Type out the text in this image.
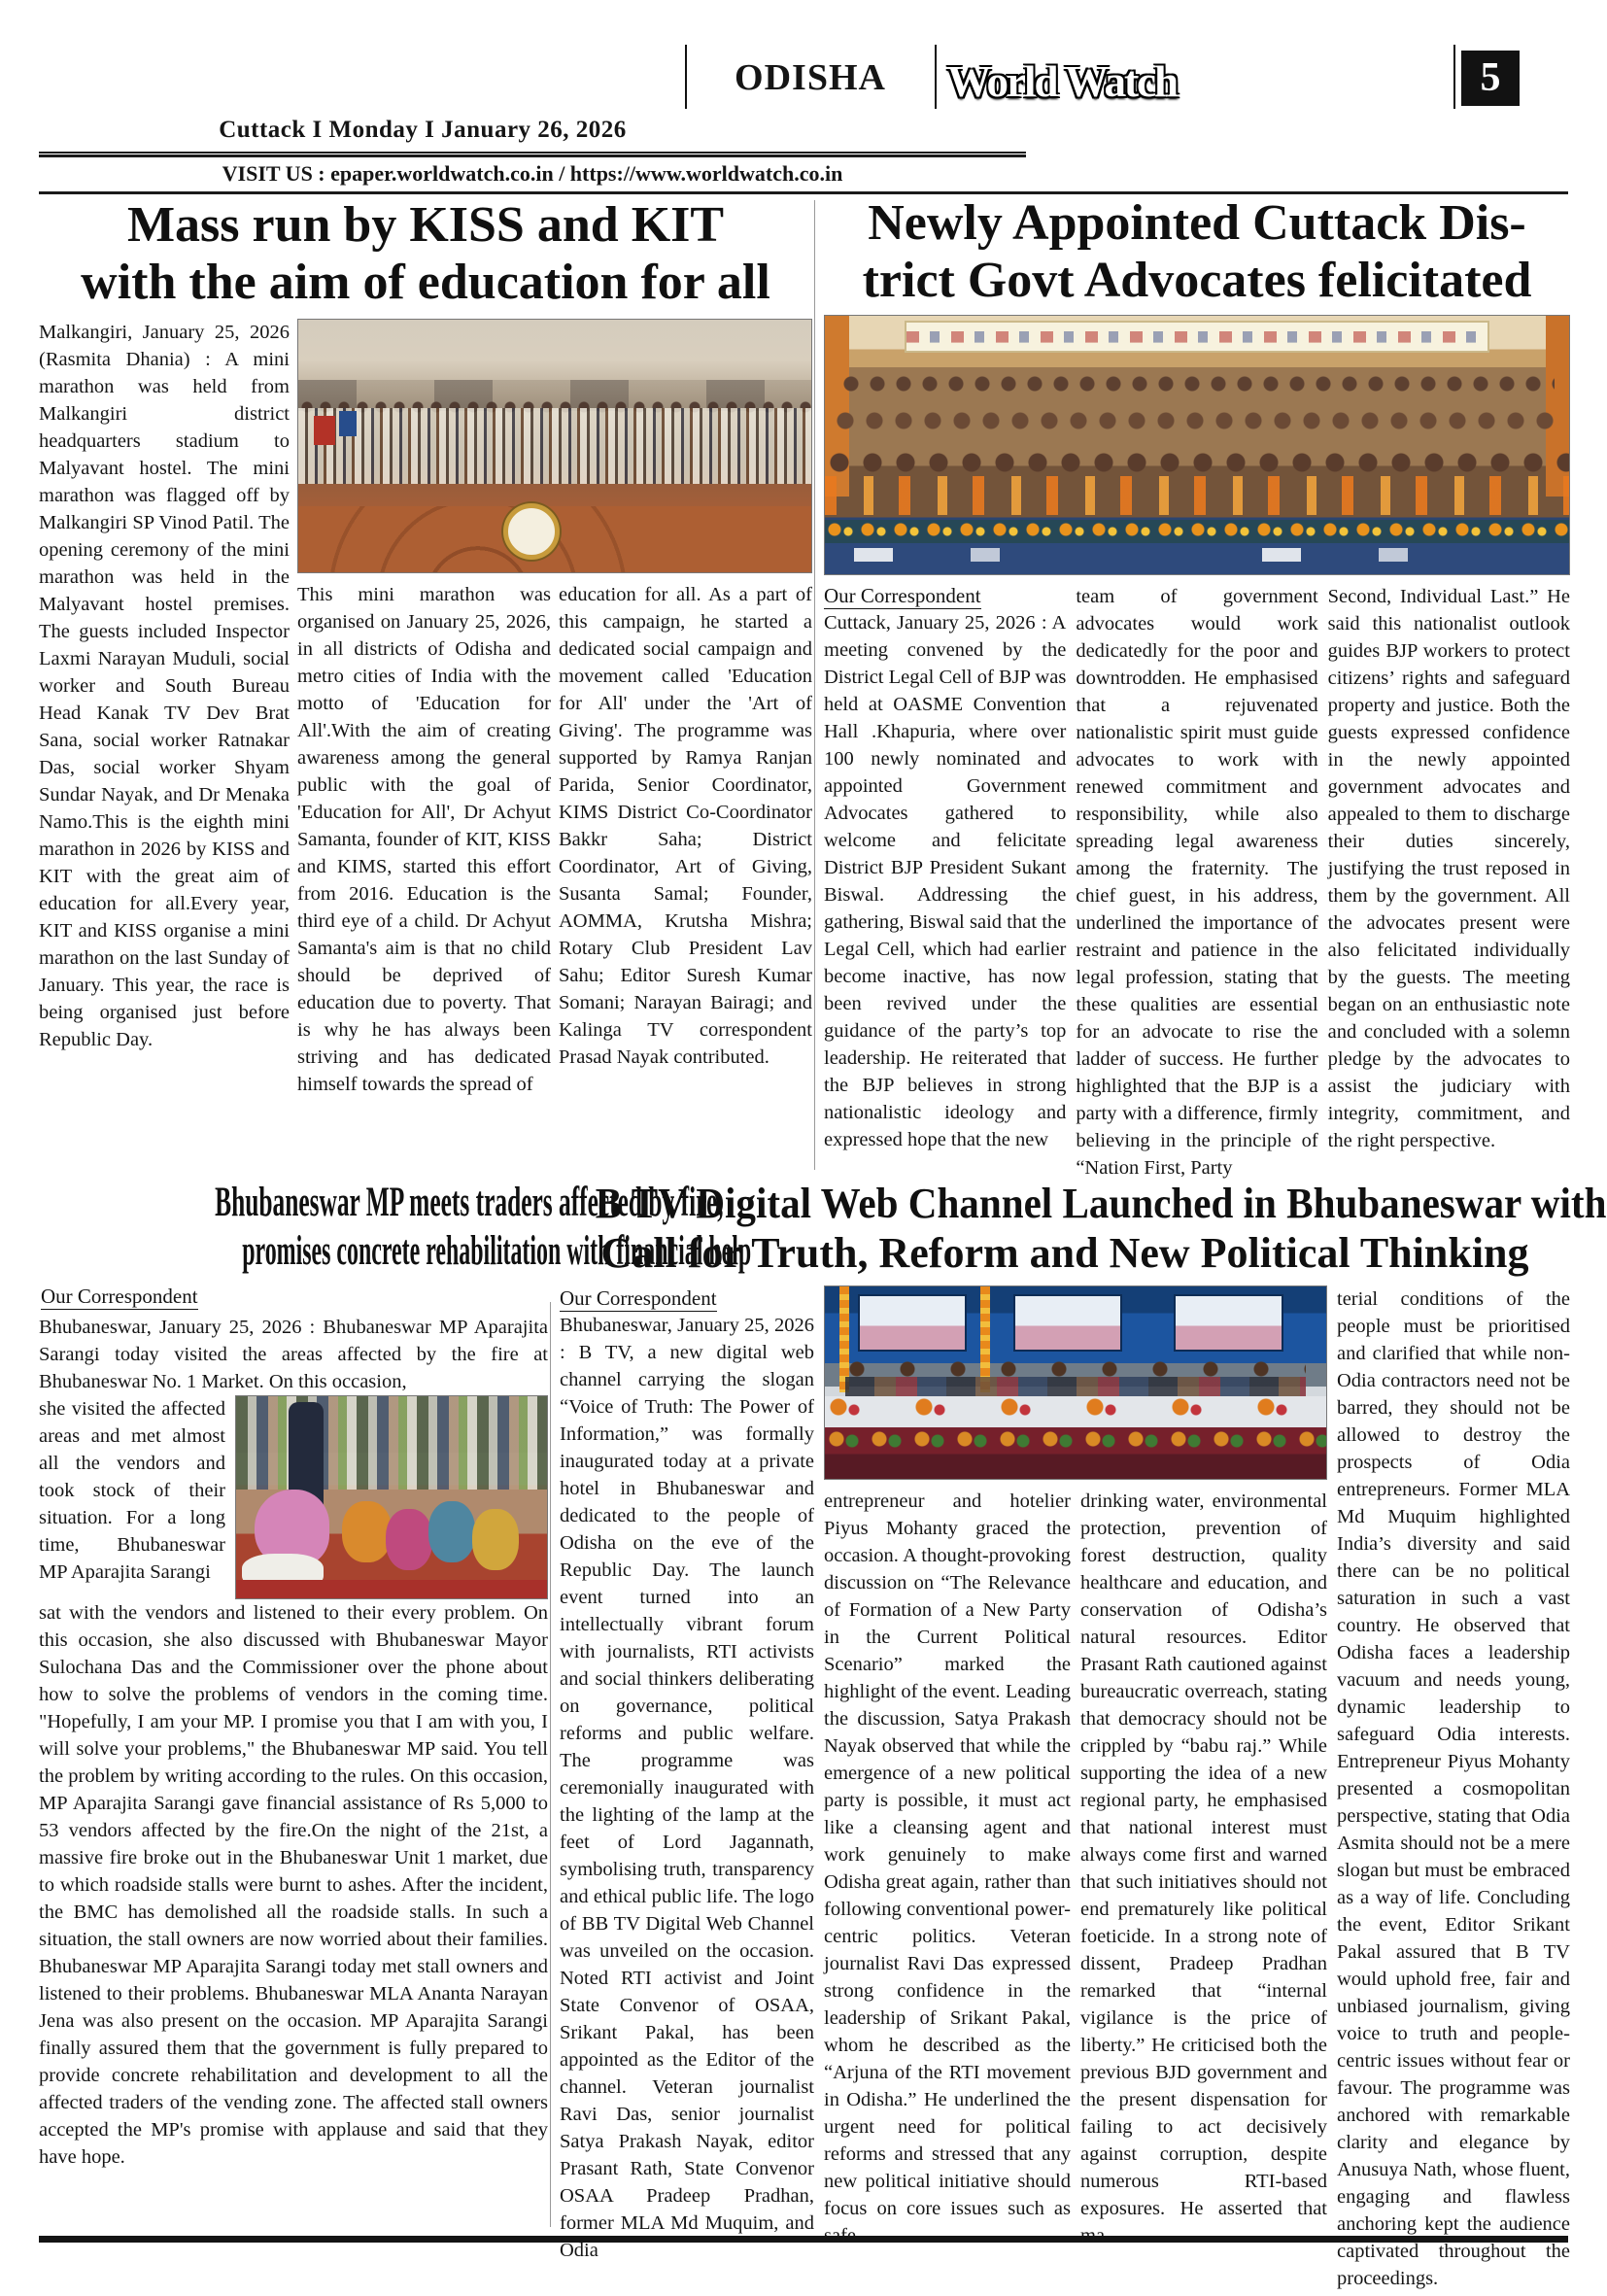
Cuttack I Monday I January 26, 2026
ODISHA	World Watch	5
VISIT US : epaper.worldwatch.co.in / https://www.worldwatch.co.in
Mass run by KISS and KIT
with the aim of education for all
Malkangiri, January 25, 2026 (Rasmita Dhania) : A mini marathon was held from Malkangiri district headquarters stadium to Malyavant hostel. The mini marathon was flagged off by Malkangiri SP Vinod Patil. The opening ceremony of the mini marathon was held in the Malyavant hostel premises. The guests included Inspector Laxmi Narayan Muduli, social worker and South Bureau Head Kanak TV Dev Brat Sana, social worker Ratnakar Das, social worker Shyam Sundar Nayak, and Dr Menaka Namo.This is the eighth mini marathon in 2026 by KISS and KIT with the great aim of education for all.Every year, KIT and KISS organise a mini marathon on the last Sunday of January. This year, the race is being organised just before Republic Day.
This mini marathon was organised on January 25, 2026, in all districts of Odisha and metro cities of India with the motto of 'Education for All'.With the aim of creating awareness among the general public with the goal of 'Education for All', Dr Achyut Samanta, founder of KIT, KISS and KIMS, started this effort from 2016. Education is the third eye of a child. Dr Achyut Samanta's aim is that no child should be deprived of education due to poverty. That is why he has always been striving and has dedicated himself towards the spread of
education for all. As a part of this campaign, he started a dedicated social campaign and movement called 'Education for All' under the 'Art of Giving'. The programme was supported by Ramya Ranjan Parida, Senior Coordinator, KIMS District Co-Coordinator Bakkr Saha; District Coordinator, Art of Giving, Susanta Samal; Founder, AOMMA, Krutsha Mishra; Rotary Club President Lav Sahu; Editor Suresh Kumar Somani; Narayan Bairagi; and Kalinga TV correspondent Prasad Nayak contributed.
Newly Appointed Cuttack Dis-
trict Govt Advocates felicitated
Our Correspondent
Cuttack, January 25, 2026 : A meeting convened by the District Legal Cell of BJP was held at OASME Convention Hall .Khapuria, where over 100 newly nominated and appointed Government Advocates gathered to welcome and felicitate District BJP President Sukant Biswal. Addressing the gathering, Biswal said that the Legal Cell, which had earlier become inactive, has now been revived under the guidance of the party’s top leadership. He reiterated that the BJP believes in strong nationalistic ideology and expressed hope that the new
team of government advocates would work dedicatedly for the poor and downtrodden. He emphasised that a rejuvenated nationalistic spirit must guide advocates to work with renewed commitment and responsibility, while also spreading legal awareness among the fraternity. The chief guest, in his address, underlined the importance of restraint and patience in the legal profession, stating that these qualities are essential for an advocate to rise the ladder of success. He further highlighted that the BJP is a party with a difference, firmly believing in the principle of “Nation First, Party
Second, Individual Last.” He said this nationalist outlook guides BJP workers to protect citizens’ rights and safeguard property and justice. Both the guests expressed confidence in the newly appointed government advocates and appealed to them to discharge their duties sincerely, justifying the trust reposed in them by the government. All the advocates present were also felicitated individually by the guests. The meeting began on an enthusiastic note and concluded with a solemn pledge by the advocates to assist the judiciary with integrity, commitment, and the right perspective.
Bhubaneswar MP meets traders affected by fire,
promises concrete rehabilitation with financial help
Our Correspondent
Bhubaneswar, January 25, 2026 : Bhubaneswar MP Aparajita Sarangi today visited the areas affected by the fire at Bhubaneswar No. 1 Market. On this occasion,
she visited the affected areas and met almost all the vendors and took stock of their situation. For a long time, Bhubaneswar MP Aparajita Sarangi
sat with the vendors and listened to their every problem. On this occasion, she also discussed with Bhubaneswar Mayor Sulochana Das and the Commissioner over the phone about how to solve the problems of vendors in the coming time. "Hopefully, I am your MP. I promise you that I am with you, I will solve your problems," the Bhubaneswar MP said. You tell the problem by writing according to the rules. On this occasion, MP Aparajita Sarangi gave financial assistance of Rs 5,000 to 53 vendors affected by the fire.On the night of the 21st, a massive fire broke out in the Bhubaneswar Unit 1 market, due to which roadside stalls were burnt to ashes. After the incident, the BMC has demolished all the roadside stalls. In such a situation, the stall owners are now worried about their families. Bhubaneswar MP Aparajita Sarangi today met stall owners and listened to their problems. Bhubaneswar MLA Ananta Narayan Jena was also present on the occasion. MP Aparajita Sarangi finally assured them that the government is fully prepared to provide concrete rehabilitation and development to all the affected traders of the vending zone. The affected stall owners accepted the MP's promise with applause and said that they have hope.
B TV Digital Web Channel Launched in Bhubaneswar with
Call for Truth, Reform and New Political Thinking
Our Correspondent
Bhubaneswar, January 25, 2026 : B TV, a new digital web channel carrying the slogan “Voice of Truth: The Power of Information,” was formally inaugurated today at a private hotel in Bhubaneswar and dedicated to the people of Odisha on the eve of the Republic Day. The launch event turned into an intellectually vibrant forum with journalists, RTI activists and social thinkers deliberating on governance, political reforms and public welfare. The programme was ceremonially inaugurated with the lighting of the lamp at the feet of Lord Jagannath, symbolising truth, transparency and ethical public life. The logo of BB TV Digital Web Channel was unveiled on the occasion. Noted RTI activist and Joint State Convenor of OSAA, Srikant Pakal, has been appointed as the Editor of the channel. Veteran journalist Ravi Das, senior journalist Satya Prakash Nayak, editor Prasant Rath, State Convenor OSAA Pradeep Pradhan, former MLA Md Muquim, and Odia
entrepreneur and hotelier Piyus Mohanty graced the occasion. A thought-provoking discussion on “The Relevance of Formation of a New Party in the Current Political Scenario” marked the highlight of the event. Leading the discussion, Satya Prakash Nayak observed that while the emergence of a new political party is possible, it must act like a cleansing agent and work genuinely to make Odisha great again, rather than following conventional power-centric politics. Veteran journalist Ravi Das expressed strong confidence in the leadership of Srikant Pakal, whom he described as the “Arjuna of the RTI movement in Odisha.” He underlined the urgent need for political reforms and stressed that any new political initiative should focus on core issues such as safe
drinking water, environmental protection, prevention of forest destruction, quality healthcare and education, and conservation of Odisha’s natural resources. Editor Prasant Rath cautioned against bureaucratic overreach, stating that democracy should not be crippled by “babu raj.” While supporting the idea of a new regional party, he emphasised that national interest must always come first and warned that such initiatives should not end prematurely like political foeticide. In a strong note of dissent, Pradeep Pradhan remarked that “internal vigilance is the price of liberty.” He criticised both the previous BJD government and the present dispensation for failing to act decisively against corruption, despite numerous RTI-based exposures. He asserted that ma-
terial conditions of the people must be prioritised and clarified that while non-Odia contractors need not be barred, they should not be allowed to destroy the prospects of Odia entrepreneurs. Former MLA Md Muquim highlighted India’s diversity and said there can be no political saturation in such a vast country. He observed that Odisha faces a leadership vacuum and needs young, dynamic leadership to safeguard Odia interests. Entrepreneur Piyus Mohanty presented a cosmopolitan perspective, stating that Odia Asmita should not be a mere slogan but must be embraced as a way of life. Concluding the event, Editor Srikant Pakal assured that B TV would uphold free, fair and unbiased journalism, giving voice to truth and people-centric issues without fear or favour. The programme was anchored with remarkable clarity and elegance by Anusuya Nath, whose fluent, engaging and flawless anchoring kept the audience captivated throughout the proceedings.
